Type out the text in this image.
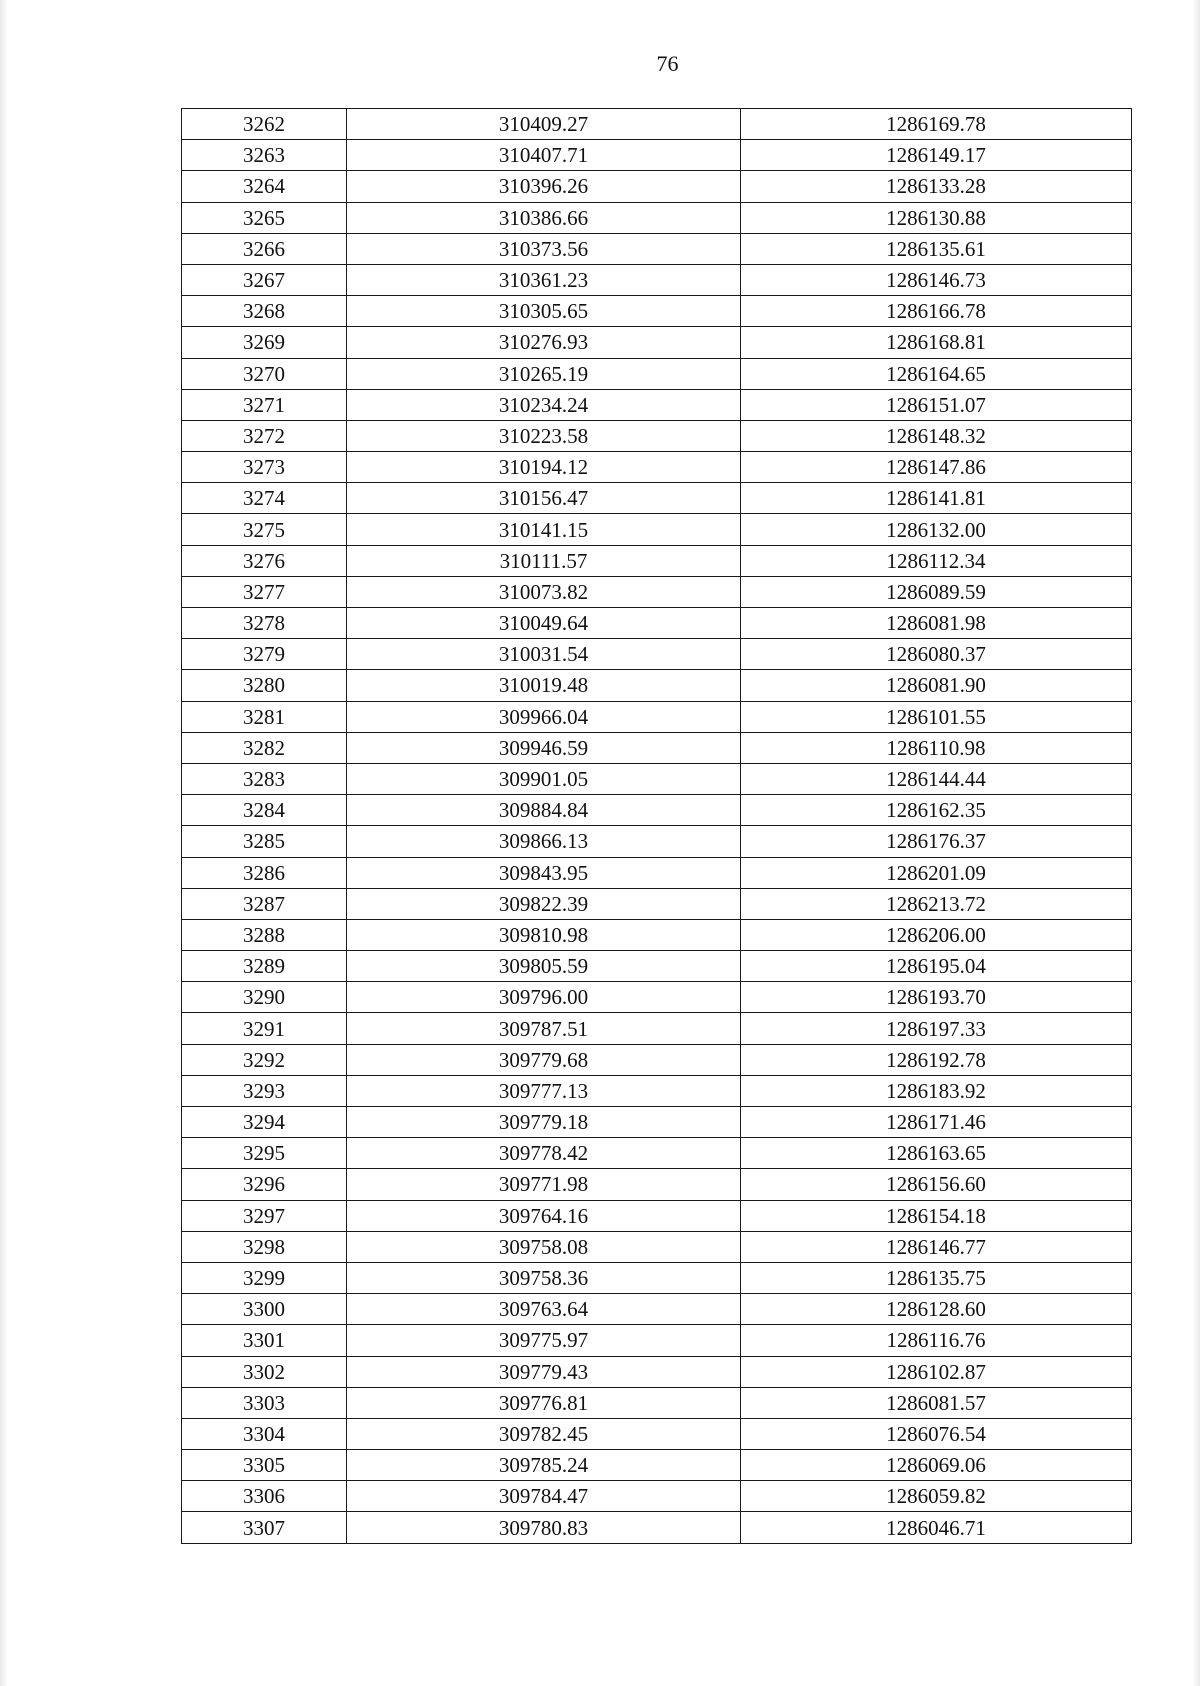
76
3262	310409.27	1286169.78
3263	310407.71	1286149.17
3264	310396.26	1286133.28
3265	310386.66	1286130.88
3266	310373.56	1286135.61
3267	310361.23	1286146.73
3268	310305.65	1286166.78
3269	310276.93	1286168.81
3270	310265.19	1286164.65
3271	310234.24	1286151.07
3272	310223.58	1286148.32
3273	310194.12	1286147.86
3274	310156.47	1286141.81
3275	310141.15	1286132.00
3276	310111.57	1286112.34
3277	310073.82	1286089.59
3278	310049.64	1286081.98
3279	310031.54	1286080.37
3280	310019.48	1286081.90
3281	309966.04	1286101.55
3282	309946.59	1286110.98
3283	309901.05	1286144.44
3284	309884.84	1286162.35
3285	309866.13	1286176.37
3286	309843.95	1286201.09
3287	309822.39	1286213.72
3288	309810.98	1286206.00
3289	309805.59	1286195.04
3290	309796.00	1286193.70
3291	309787.51	1286197.33
3292	309779.68	1286192.78
3293	309777.13	1286183.92
3294	309779.18	1286171.46
3295	309778.42	1286163.65
3296	309771.98	1286156.60
3297	309764.16	1286154.18
3298	309758.08	1286146.77
3299	309758.36	1286135.75
3300	309763.64	1286128.60
3301	309775.97	1286116.76
3302	309779.43	1286102.87
3303	309776.81	1286081.57
3304	309782.45	1286076.54
3305	309785.24	1286069.06
3306	309784.47	1286059.82
3307	309780.83	1286046.71
